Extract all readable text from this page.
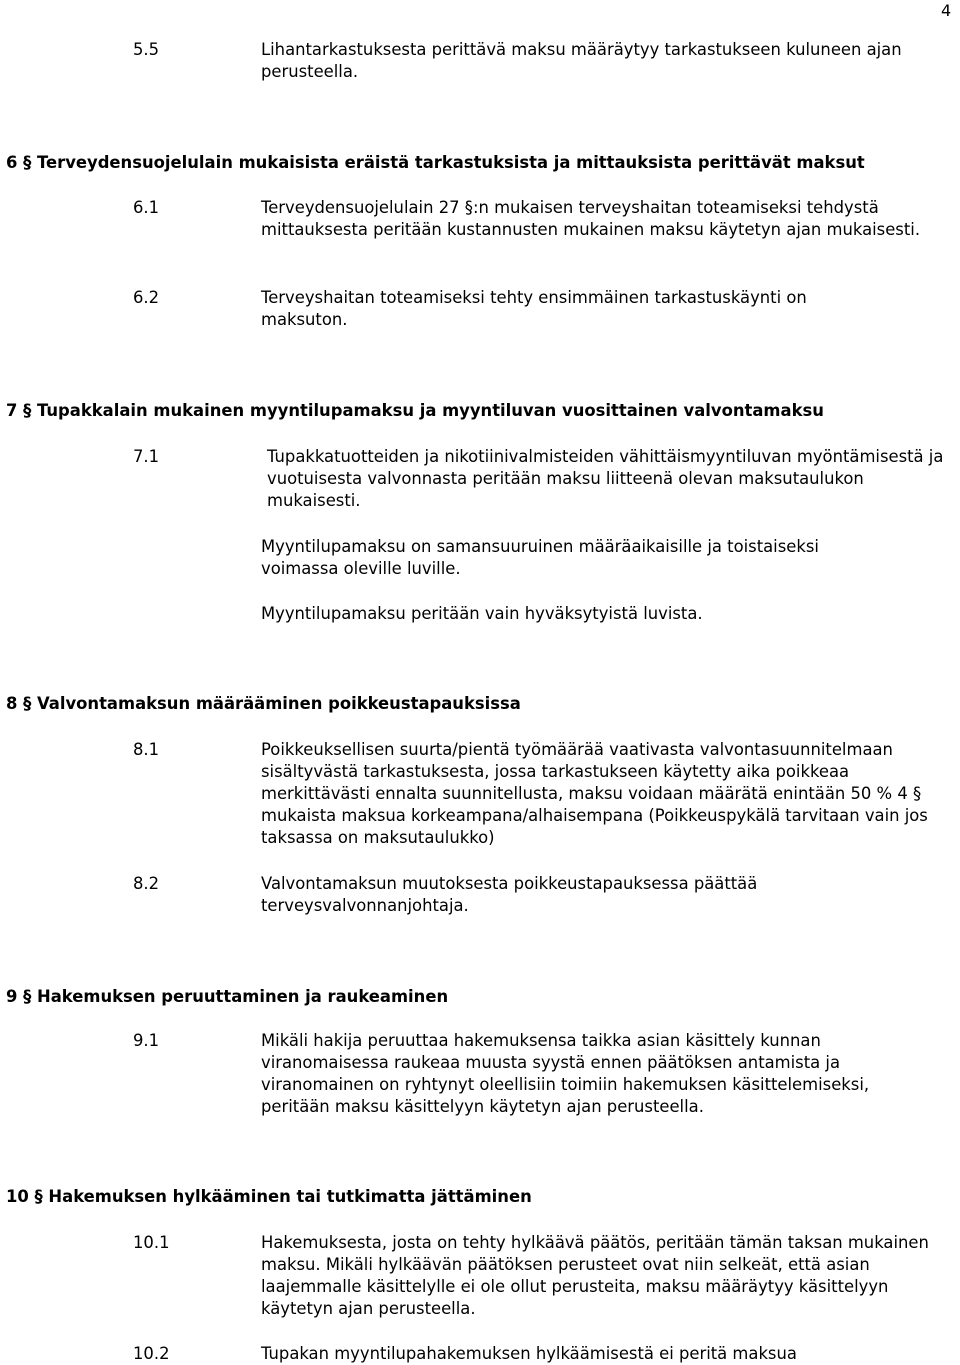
4
5.5	Lihantarkastuksesta perittävä maksu määräytyy tarkastukseen kuluneen ajan perusteella.
6 § Terveydensuojelulain mukaisista eräistä tarkastuksista ja mittauksista perittävät maksut
6.1	Terveydensuojelulain 27 §:n mukaisen terveyshaitan toteamiseksi tehdystä mittauksesta peritään kustannusten mukainen maksu käytetyn ajan mukaisesti.
6.2	Terveyshaitan toteamiseksi tehty ensimmäinen tarkastuskäynti on maksuton.
7 § Tupakkalain mukainen myyntilupamaksu ja myyntiluvan vuosittainen valvontamaksu
7.1	Tupakkatuotteiden ja nikotiinivalmisteiden vähittäismyyntiluvan myöntämisestä ja vuotuisesta valvonnasta peritään maksu liitteenä olevan maksutaulukon mukaisesti.
Myyntilupamaksu on samansuuruinen määräaikaisille ja toistaiseksi voimassa oleville luville.
Myyntilupamaksu peritään vain hyväksytyistä luvista.
8 § Valvontamaksun määrääminen poikkeustapauksissa
8.1	Poikkeuksellisen suurta/pientä työmäärää vaativasta valvontasuunnitelmaan sisältyvästä tarkastuksesta, jossa tarkastukseen käytetty aika poikkeaa merkittävästi ennalta suunnitellusta, maksu voidaan määrätä enintään 50 % 4 § mukaista maksua korkeampana/alhaisempana (Poikkeuspykälä tarvitaan vain jos taksassa on maksutaulukko)
8.2	Valvontamaksun muutoksesta poikkeustapauksessa päättää terveysvalvonnanjohtaja.
9 § Hakemuksen peruuttaminen ja raukeaminen
9.1	Mikäli hakija peruuttaa hakemuksensa taikka asian käsittely kunnan viranomaisessa raukeaa muusta syystä ennen päätöksen antamista ja viranomainen on ryhtynyt oleellisiin toimiin hakemuksen käsittelemiseksi, peritään maksu käsittelyyn käytetyn ajan perusteella.
10 § Hakemuksen hylkääminen tai tutkimatta jättäminen
10.1	Hakemuksesta, josta on tehty hylkäävä päätös, peritään tämän taksan mukainen maksu. Mikäli hylkäävän päätöksen perusteet ovat niin selkeät, että asian laajemmalle käsittelylle ei ole ollut perusteita, maksu määräytyy käsittelyyn käytetyn ajan perusteella.
10.2	Tupakan myyntilupahakemuksen hylkäämisestä ei peritä maksua
